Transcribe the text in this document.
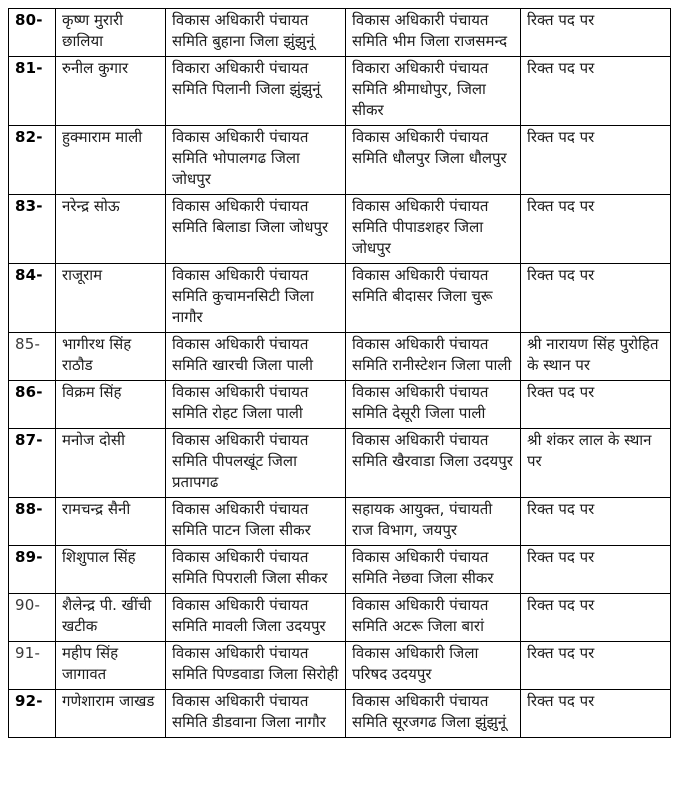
80-	कृष्ण मुरारी छालिया	विकास अधिकारी पंचायत समिति बुहाना जिला झुंझुनूं	विकास अधिकारी पंचायत समिति भीम जिला राजसमन्द	रिक्त पद पर
81-	रुनील कुगार	विकारा अधिकारी पंचायत समिति पिलानी जिला झुंझुनूं	विकारा अधिकारी पंचायत समिति श्रीमाधोपुर, जिला सीकर	रिक्त पद पर
82-	हुक्माराम माली	विकास अधिकारी पंचायत समिति भोपालगढ जिला जोधपुर	विकास अधिकारी पंचायत समिति धौलपुर जिला धौलपुर	रिक्त पद पर
83-	नरेन्द्र सोऊ	विकास अधिकारी पंचायत समिति बिलाडा जिला जोधपुर	विकास अधिकारी पंचायत समिति पीपाडशहर जिला जोधपुर	रिक्त पद पर
84-	राजूराम	विकास अधिकारी पंचायत समिति कुचामनसिटी जिला नागौर	विकास अधिकारी पंचायत समिति बीदासर जिला चुरू	रिक्त पद पर
85-	भागीरथ सिंह राठौड	विकास अधिकारी पंचायत समिति खारची जिला पाली	विकास अधिकारी पंचायत समिति रानीस्टेशन जिला पाली	श्री नारायण सिंह पुरोहित के स्थान पर
86-	विक्रम सिंह	विकास अधिकारी पंचायत समिति रोहट जिला पाली	विकास अधिकारी पंचायत समिति देसूरी जिला पाली	रिक्त पद पर
87-	मनोज दोसी	विकास अधिकारी पंचायत समिति पीपलखूंट जिला प्रतापगढ	विकास अधिकारी पंचायत समिति खैरवाडा जिला उदयपुर	श्री शंकर लाल के स्थान पर
88-	रामचन्द्र सैनी	विकास अधिकारी पंचायत समिति पाटन जिला सीकर	सहायक आयुक्त, पंचायती राज विभाग, जयपुर	रिक्त पद पर
89-	शिशुपाल सिंह	विकास अधिकारी पंचायत समिति पिपराली जिला सीकर	विकास अधिकारी पंचायत समिति नेछवा जिला सीकर	रिक्त पद पर
90-	शैलेन्द्र पी. खींची खटीक	विकास अधिकारी पंचायत समिति मावली जिला उदयपुर	विकास अधिकारी पंचायत समिति अटरू जिला बारां	रिक्त पद पर
91-	महीप सिंह जागावत	विकास अधिकारी पंचायत समिति पिण्डवाडा जिला सिरोही	विकास अधिकारी जिला परिषद उदयपुर	रिक्त पद पर
92-	गणेशाराम जाखड	विकास अधिकारी पंचायत समिति डीडवाना जिला नागौर	विकास अधिकारी पंचायत समिति सूरजगढ जिला झुंझुनूं	रिक्त पद पर
